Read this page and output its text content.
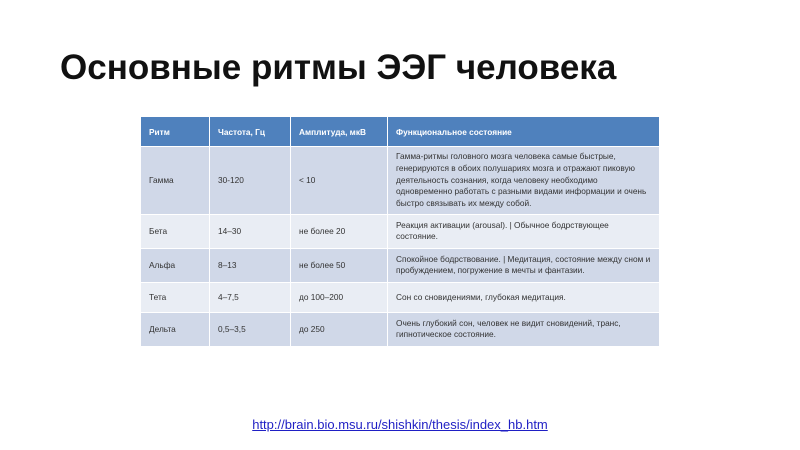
Основные ритмы ЭЭГ человека
Ритм	Частота, Гц	Амплитуда, мкВ	Функциональное состояние
Гамма	30-120	< 10	Гамма-ритмы головного мозга человека самые быстрые, генерируются в обоих полушариях мозга и отражают пиковую деятельность сознания, когда человеку необходимо одновременно работать с разными видами информации и очень быстро связывать их между собой.
Бета	14–30	не более 20	Реакция активации (arousal). | Обычное бодрствующее состояние.
Альфа	8–13	не более 50	Спокойное бодрствование. | Медитация, состояние между сном и пробуждением, погружение в мечты и фантазии.
Тета	4–7,5	до 100–200	Сон со сновидениями, глубокая медитация.
Дельта	0,5–3,5	до 250	Очень глубокий сон, человек не видит сновидений, транс, гипнотическое состояние.
http://brain.bio.msu.ru/shishkin/thesis/index_hb.htm
